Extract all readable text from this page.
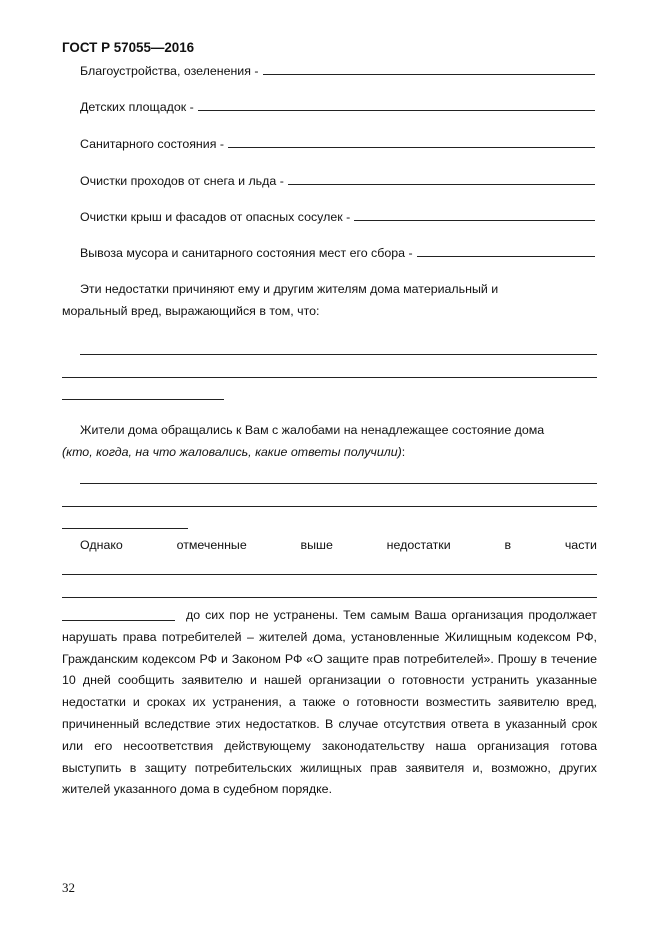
ГОСТ Р 57055—2016
Благоустройства, озеленения -
Детских площадок -
Санитарного состояния -
Очистки проходов от снега и льда -
Очистки крыш и фасадов от опасных сосулек -
Вывоза мусора и санитарного состояния мест его сбора -
Эти недостатки причиняют ему и другим жителям дома материальный и
моральный вред, выражающийся в том, что:
Жители дома обращались к Вам с жалобами на ненадлежащее состояние дома
(кто, когда, на что жаловались, какие ответы получили):
Однако	отмеченные	выше	недостатки	в	части
до сих пор не устранены. Тем самым Ваша организация продолжает нарушать права потребителей – жителей дома, установленные Жилищным кодексом РФ, Гражданским кодексом РФ и Законом РФ «О защите прав потребителей». Прошу в течение 10 дней сообщить заявителю и нашей организации о готовности устранить указанные недостатки и сроках их устранения, а также о готовности возместить заявителю вред, причиненный вследствие этих недостатков. В случае отсутствия ответа в указанный срок или его несоответствия действующему законодательству наша организация готова выступить в защиту потребительских жилищных прав заявителя и, возможно, других жителей указанного дома в судебном порядке.
32
